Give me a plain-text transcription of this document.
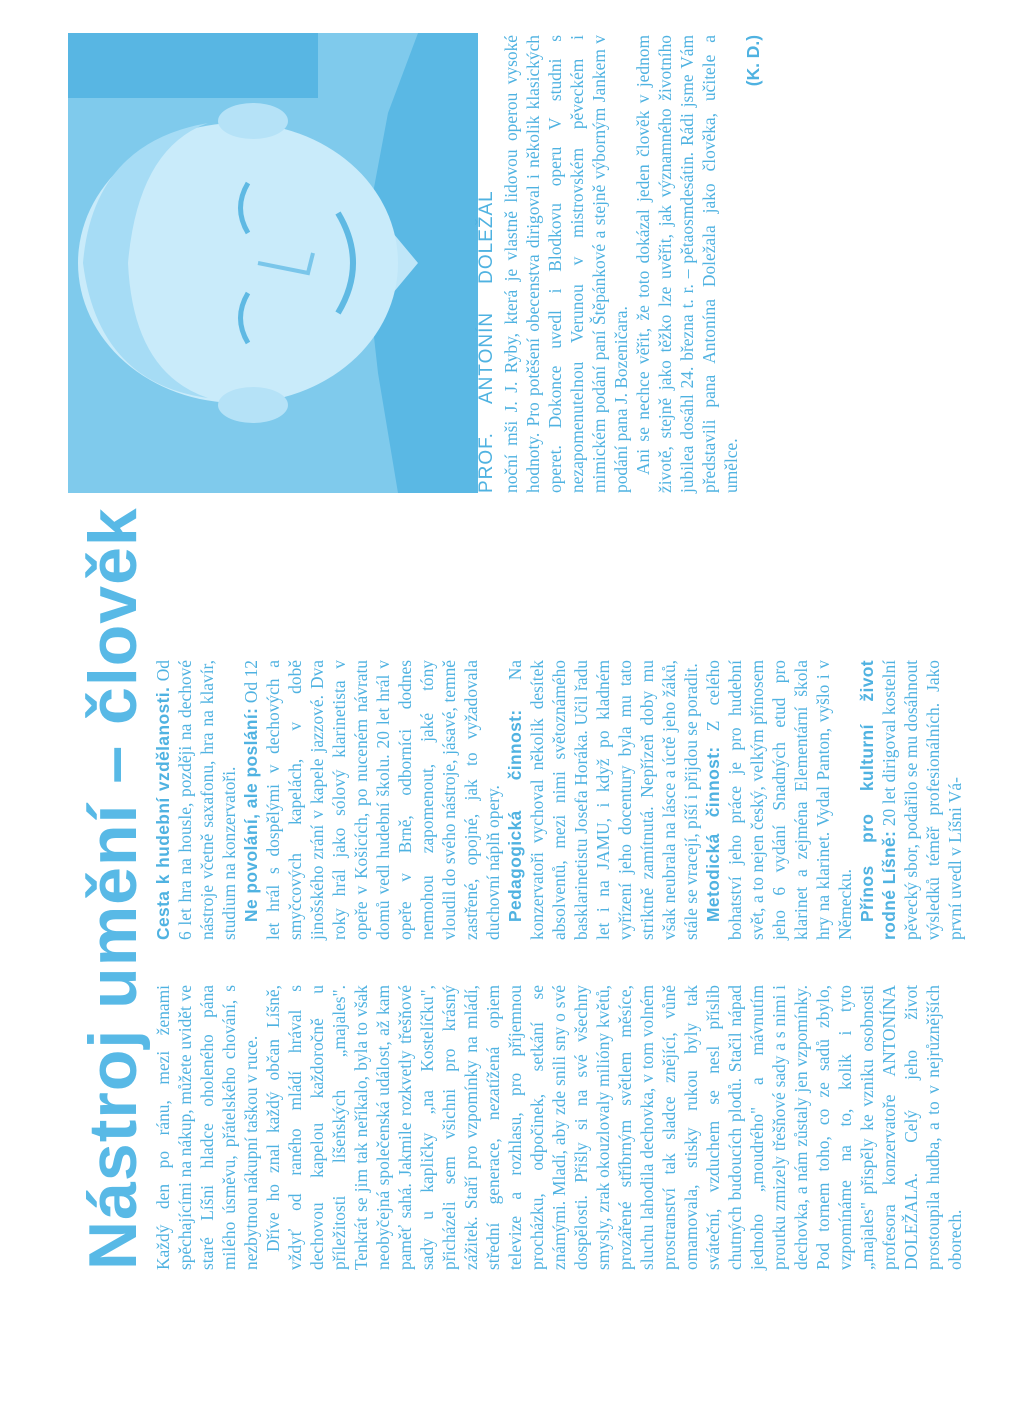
Nástroj umění – člověk Každý den po ránu, mezi ženami spěchajícími na nákup, můžete uvidět ve staré Líšni hladce oholeného pána milého úsměvu, přátelského chování, s nezbytnou nákupní taškou v ruce. Dříve ho znal každý občan Líšně, vždyť od raného mládí hrával s dechovou kapelou každoročně u příležitosti líšeňských „majales". Tenkrát se jim tak neříkalo, byla to však neobyčejná společenská událost, až kam paměť sahá. Jakmile rozkvetly třešňové sady u kapličky „na Kostelíčku", přicházeli sem všichni pro krásný zážitek. Staří pro vzpomínky na mládí, střední generace, nezatížená opiem televize a rozhlasu, pro příjemnou procházku, odpočinek, setkání se známými. Mladí, aby zde snili sny o své dospělosti. Přišly si na své všechny smysly, zrak okouzlovaly milióny květů, prozářené stříbrným světlem měsíce, sluchu lahodila dechovka, v tom volném prostranství tak sladce znějící, vůně omamovala, stisky rukou byly tak sváteční, vzduchem se nesl příslib chutných budoucích plodů. Stačil nápad jednoho „moudrého" a mávnutím proutku zmizely třešňové sady a s nimi i dechovka, a nám zůstaly jen vzpomínky. Pod tornem toho, co ze sadů zbylo, vzpomínáme na to, kolik i tyto „majales" přispěly ke vzniku osobnosti profesora konzervatoře ANTONÍNA DOLEŽALA. Celý jeho život prostoupila hudba, a to v nejrůznějších oborech.

Cesta k hudební vzdělanosti. Od 6 let hra na housle, později na dechové nástroje včetně saxafonu, hra na klavír, studium na konzervatoři. Ne povolání, ale poslání: Od 12 let hrál s dospělými v dechových a smyčcových kapelách, v době jinošského zrání v kapele jazzové. Dva roky hrál jako sólový klarinetista v opeře v Košicích, po nuceném návratu domů vedl hudební školu. 20 let hrál v opeře v Brně, odborníci dodnes nemohou zapomenout, jaké tóny vloudil do svého nástroje, jásavé, temně zastřené, opojné, jak to vyžadovala duchovní náplň opery. Pedagogická činnost: Na konzervatoři vychoval několik desítek absolventů, mezi nimi světoznámého basklarinetistu Josefa Horáka. Učil řadu let i na JAMU, i když po kladném vyřízení jeho docentury byla mu tato striktně zamítnutá. Nepřízeň doby mu však neubrala na lásce a úctě jeho žáků, stále se vracejí, píší i přijdou se poradit. Metodická činnost: Z celého bohatství jeho práce je pro hudební svět, a to nejen český, velkým přínosem jeho 6 vydání Snadných etud pro klarinet a zejména Elementární škola hry na klarinet. Vydal Panton, vyšlo i v Německu. Přínos pro kulturní život rodné Líšně: 20 let dirigoval kostelní pěvecký sbor, podařilo se mu dosáhnout výsledků téměř profesionálních. Jako první uvedl v Líšni Vá-

PROF.ANTONÍNDOLEŽAL noční mši J. J. Ryby, která je vlastně lidovou operou vysoké hodnoty. Pro potěšení obecenstva dirigoval i několik klasických operet. Dokonce uvedl i Blodkovu operu V studni s nezapomenutelnou Verunou v mistrovském pěveckém i mimickém podání paní Štěpánkové a stejně výborným Jankem v podání pana J. Bozeničara. Ani se nechce věřit, že toto dokázal jeden člověk v jednom životě, stejně jako těžko lze uvěřit, jak významného životního jubilea dosáhl 24. března t. r. – pětaosmdesátin. Rádi jsme Vám představili pana Antonína Doležala jako člověka, učitele a umělce.

(K. D.)
